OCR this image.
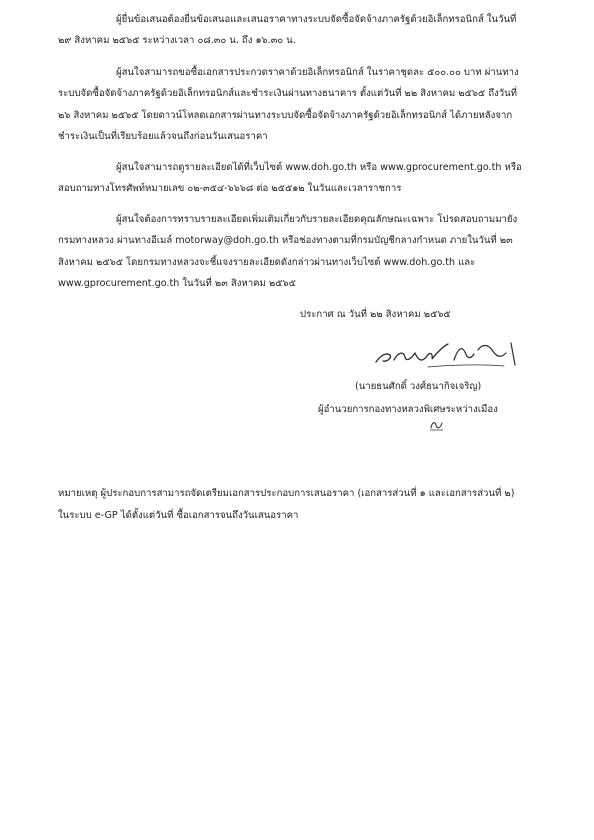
ผู้ยื่นข้อเสนอต้องยื่นข้อเสนอและเสนอราคาทางระบบจัดซื้อจัดจ้างภาครัฐด้วยอิเล็กทรอนิกส์ ในวันที่
๒๙ สิงหาคม ๒๕๖๕ ระหว่างเวลา ๐๘.๓๐ น. ถึง ๑๖.๓๐ น.
ผู้สนใจสามารถขอซื้อเอกสารประกวดราคาด้วยอิเล็กทรอนิกส์ ในราคาชุดละ ๕๐๐.๐๐ บาท ผ่านทาง
ระบบจัดซื้อจัดจ้างภาครัฐด้วยอิเล็กทรอนิกส์และชำระเงินผ่านทางธนาคาร ตั้งแต่วันที่ ๒๒ สิงหาคม ๒๕๖๕ ถึงวันที่
๒๖ สิงหาคม ๒๕๖๕ โดยดาวน์โหลดเอกสารผ่านทางระบบจัดซื้อจัดจ้างภาครัฐด้วยอิเล็กทรอนิกส์ ได้ภายหลังจาก
ชำระเงินเป็นที่เรียบร้อยแล้วจนถึงก่อนวันเสนอราคา
ผู้สนใจสามารถดูรายละเอียดได้ที่เว็บไซต์ www.doh.go.th หรือ www.gprocurement.go.th หรือ
สอบถามทางโทรศัพท์หมายเลข ๐๒-๓๕๔-๖๖๖๘ ต่อ ๒๕๕๑๒ ในวันและเวลาราชการ
ผู้สนใจต้องการทราบรายละเอียดเพิ่มเติมเกี่ยวกับรายละเอียดคุณลักษณะเฉพาะ โปรดสอบถามมายัง
กรมทางหลวง ผ่านทางอีเมล์ motorway@doh.go.th หรือช่องทางตามที่กรมบัญชีกลางกำหนด ภายในวันที่ ๒๓
สิงหาคม ๒๕๖๕ โดยกรมทางหลวงจะชี้แจงรายละเอียดดังกล่าวผ่านทางเว็บไซต์ www.doh.go.th และ
www.gprocurement.go.th ในวันที่ ๒๓ สิงหาคม ๒๕๖๕
ประกาศ ณ วันที่ ๒๒ สิงหาคม ๒๕๖๕
(นายธนศักดิ์ วงศ์ธนากิจเจริญ)
ผู้อำนวยการกองทางหลวงพิเศษระหว่างเมือง
หมายเหตุ ผู้ประกอบการสามารถจัดเตรียมเอกสารประกอบการเสนอราคา (เอกสารส่วนที่ ๑ และเอกสารส่วนที่ ๒)
ในระบบ e-GP ได้ตั้งแต่วันที่ ซื้อเอกสารจนถึงวันเสนอราคา
